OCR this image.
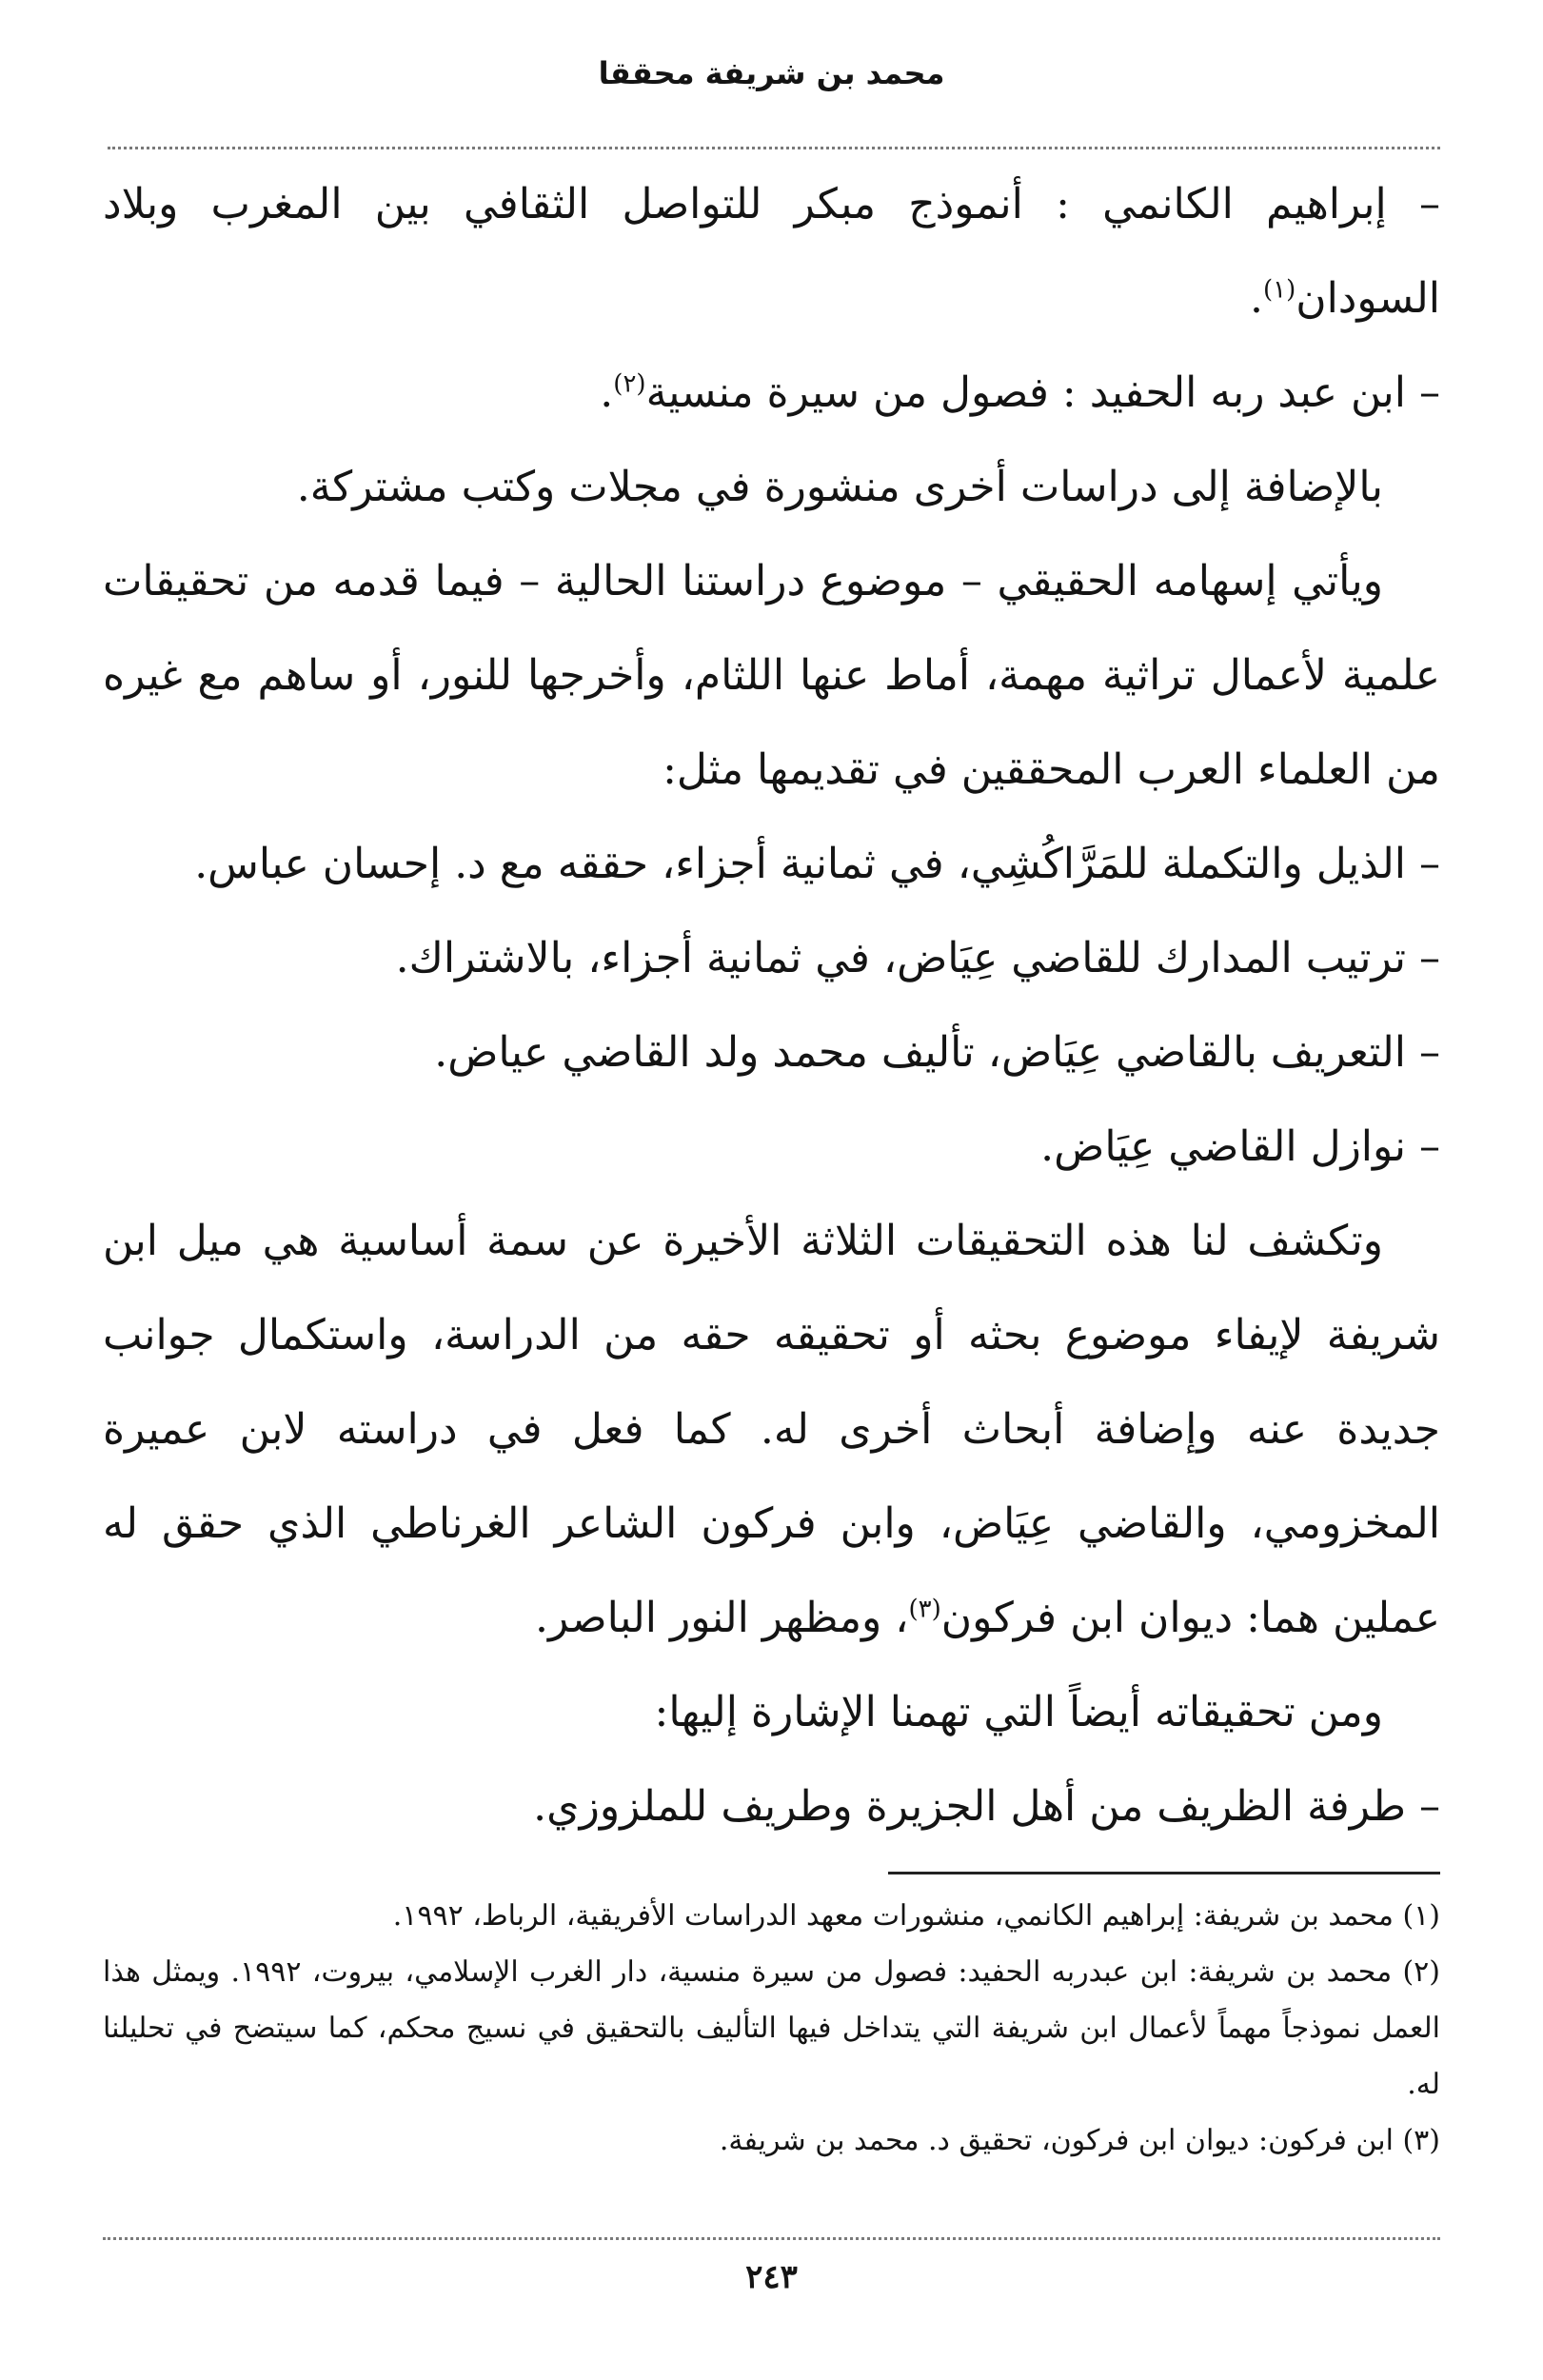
محمد بن شريفة محققا

– إبراهيم الكانمي : أنموذج مبكر للتواصل الثقافي بين المغرب وبلاد السودان$^{(١)}$.

– ابن عبد ربه الحفيد : فصول من سيرة منسية$^{(٢)}$.

بالإضافة إلى دراسات أخرى منشورة في مجلات وكتب مشتركة.

ويأتي إسهامه الحقيقي – موضوع دراستنا الحالية – فيما قدمه من تحقيقات علمية لأعمال تراثية مهمة، أماط عنها اللثام، وأخرجها للنور، أو ساهم مع غيره من العلماء العرب المحققين في تقديمها مثل:

– الذيل والتكملة للمَرَّاكُشِي، في ثمانية أجزاء، حققه مع د. إحسان عباس.

– ترتيب المدارك للقاضي عِيَاض، في ثمانية أجزاء، بالاشتراك.

– التعريف بالقاضي عِيَاض، تأليف محمد ولد القاضي عياض.

– نوازل القاضي عِيَاض.

وتكشف لنا هذه التحقيقات الثلاثة الأخيرة عن سمة أساسية هي ميل ابن شريفة لإيفاء موضوع بحثه أو تحقيقه حقه من الدراسة، واستكمال جوانب جديدة عنه وإضافة أبحاث أخرى له. كما فعل في دراسته لابن عميرة المخزومي، والقاضي عِيَاض، وابن فركون الشاعر الغرناطي الذي حقق له عملين هما: ديوان ابن فركون$^{(٣)}$، ومظهر النور الباصر.

ومن تحقيقاته أيضاً التي تهمنا الإشارة إليها:

– طرفة الظريف من أهل الجزيرة وطريف للملزوزي.

(١) محمد بن شريفة: إبراهيم الكانمي، منشورات معهد الدراسات الأفريقية، الرباط، ١٩٩٢.

(٢) محمد بن شريفة: ابن عبدربه الحفيد: فصول من سيرة منسية، دار الغرب الإسلامي، بيروت، ١٩٩٢. ويمثل هذا العمل نموذجاً مهماً لأعمال ابن شريفة التي يتداخل فيها التأليف بالتحقيق في نسيج محكم، كما سيتضح في تحليلنا له.

(٣) ابن فركون: ديوان ابن فركون، تحقيق د. محمد بن شريفة.

٢٤٣
